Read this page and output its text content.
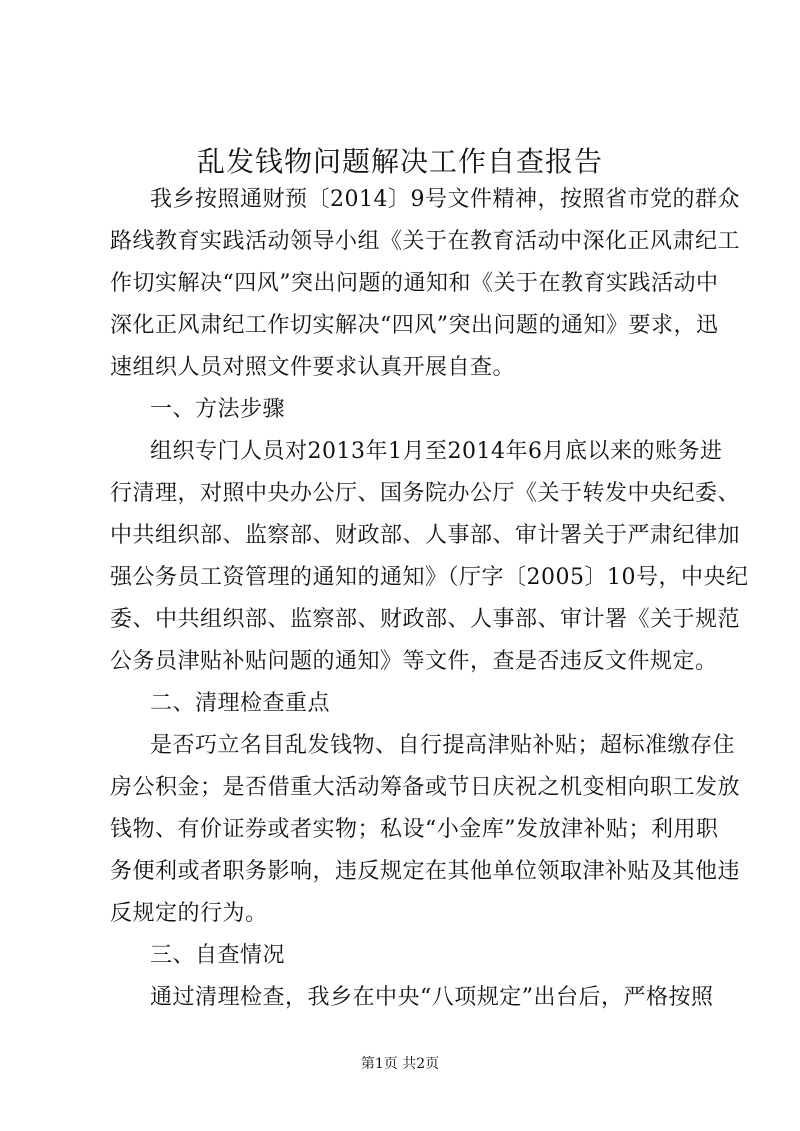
乱发钱物问题解决工作自查报告
我乡按照通财预〔2014〕9号文件精神，按照省市党的群众
路线教育实践活动领导小组《关于在教育活动中深化正风肃纪工
作切实解决“四风”突出问题的通知和《关于在教育实践活动中
深化正风肃纪工作切实解决“四风”突出问题的通知》要求，迅
速组织人员对照文件要求认真开展自查。
一、方法步骤
组织专门人员对2013年1月至2014年6月底以来的账务进
行清理，对照中央办公厅、国务院办公厅《关于转发中央纪委、
中共组织部、监察部、财政部、人事部、审计署关于严肃纪律加
强公务员工资管理的通知的通知》（厅字〔2005〕10号，中央纪
委、中共组织部、监察部、财政部、人事部、审计署《关于规范
公务员津贴补贴问题的通知》等文件，查是否违反文件规定。
二、清理检查重点
是否巧立名目乱发钱物、自行提高津贴补贴；超标准缴存住
房公积金；是否借重大活动筹备或节日庆祝之机变相向职工发放
钱物、有价证券或者实物；私设“小金库”发放津补贴；利用职
务便利或者职务影响，违反规定在其他单位领取津补贴及其他违
反规定的行为。
三、自查情况
通过清理检查，我乡在中央“八项规定”出台后，严格按照
第1页 共2页
